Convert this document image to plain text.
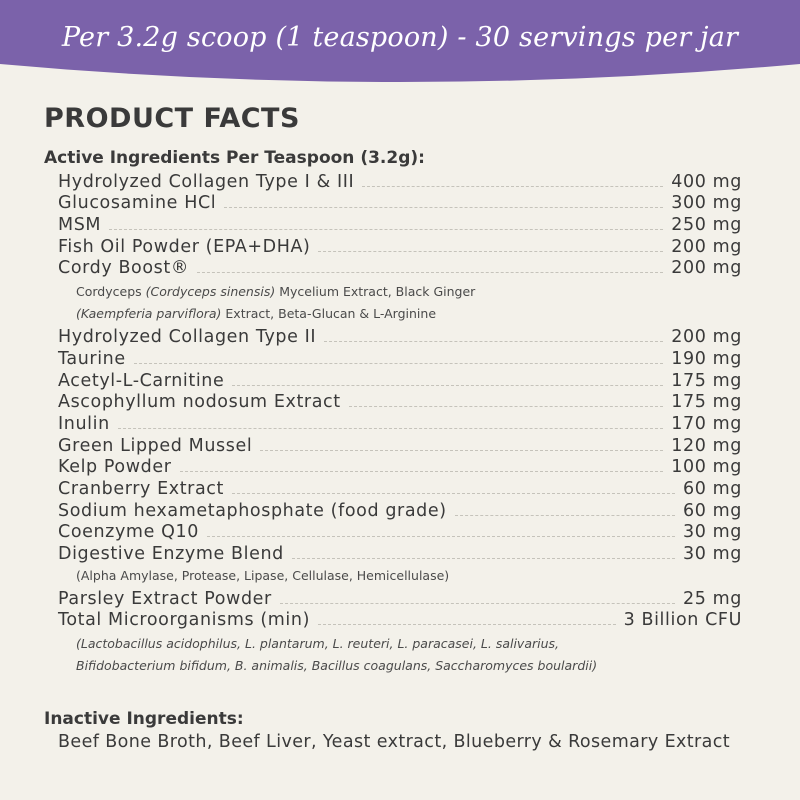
Per 3.2g scoop (1 teaspoon) - 30 servings per jar
PRODUCT FACTS
Active Ingredients Per Teaspoon (3.2g):
Hydrolyzed Collagen Type I & III	400 mg
Glucosamine HCl	300 mg
MSM	250 mg
Fish Oil Powder (EPA+DHA)	200 mg
Cordy Boost®	200 mg
Cordyceps (Cordyceps sinensis) Mycelium Extract, Black Ginger
(Kaempferia parviflora) Extract, Beta-Glucan & L-Arginine
Hydrolyzed Collagen Type II	200 mg
Taurine	190 mg
Acetyl-L-Carnitine	175 mg
Ascophyllum nodosum Extract	175 mg
Inulin	170 mg
Green Lipped Mussel	120 mg
Kelp Powder	100 mg
Cranberry Extract	60 mg
Sodium hexametaphosphate (food grade)	60 mg
Coenzyme Q10	30 mg
Digestive Enzyme Blend	30 mg
(Alpha Amylase, Protease, Lipase, Cellulase, Hemicellulase)
Parsley Extract Powder	25 mg
Total Microorganisms (min)	3 Billion CFU
(Lactobacillus acidophilus, L. plantarum, L. reuteri, L. paracasei, L. salivarius,
Bifidobacterium bifidum, B. animalis, Bacillus coagulans, Saccharomyces boulardii)
Inactive Ingredients:
Beef Bone Broth, Beef Liver, Yeast extract, Blueberry & Rosemary Extract
